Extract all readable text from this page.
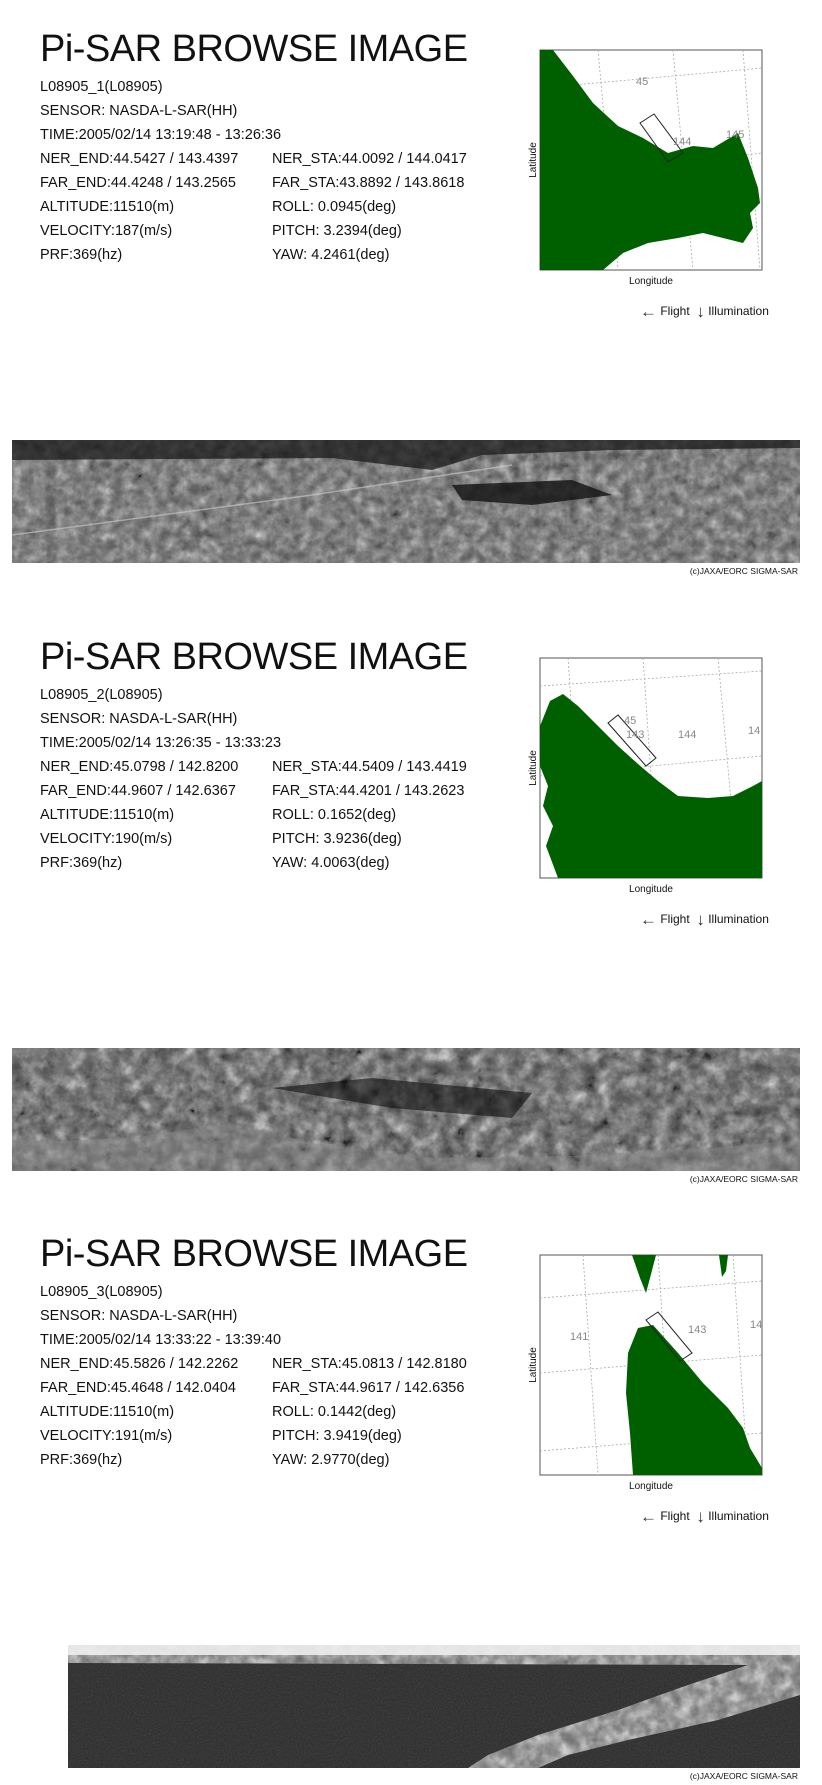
Pi-SAR BROWSE IMAGE
L08905_1(L08905)
SENSOR: NASDA-L-SAR(HH)
TIME:2005/02/14 13:19:48 - 13:26:36
NER_END:44.5427 / 143.4397 NER_STA:44.0092 / 144.0417
FAR_END:44.4248 / 143.2565 FAR_STA:43.8892 / 143.8618
ALTITUDE:11510(m)	ROLL: 0.0945(deg)
VELOCITY:187(m/s)	PITCH: 3.2394(deg)
PRF:369(hz)	YAW: 4.2461(deg)
45
144
145
Longitude
Latitude
← Flight ↓ Illumination
(c)JAXA/EORC SIGMA-SAR
Pi-SAR BROWSE IMAGE
L08905_2(L08905)
SENSOR: NASDA-L-SAR(HH)
TIME:2005/02/14 13:26:35 - 13:33:23
NER_END:45.0798 / 142.8200 NER_STA:44.5409 / 143.4419
FAR_END:44.9607 / 142.6367 FAR_STA:44.4201 / 143.2623
ALTITUDE:11510(m)	ROLL: 0.1652(deg)
VELOCITY:190(m/s)	PITCH: 3.9236(deg)
PRF:369(hz)	YAW: 4.0063(deg)
45
143	144	14
Longitude
Latitude
← Flight ↓ Illumination
(c)JAXA/EORC SIGMA-SAR
Pi-SAR BROWSE IMAGE
L08905_3(L08905)
SENSOR: NASDA-L-SAR(HH)
TIME:2005/02/14 13:33:22 - 13:39:40
NER_END:45.5826 / 142.2262 NER_STA:45.0813 / 142.8180
FAR_END:45.4648 / 142.0404 FAR_STA:44.9617 / 142.6356
ALTITUDE:11510(m)	ROLL: 0.1442(deg)
VELOCITY:191(m/s)	PITCH: 3.9419(deg)
PRF:369(hz)	YAW: 2.9770(deg)
141
143	14
Longitude
Latitude
← Flight ↓ Illumination
(c)JAXA/EORC SIGMA-SAR
